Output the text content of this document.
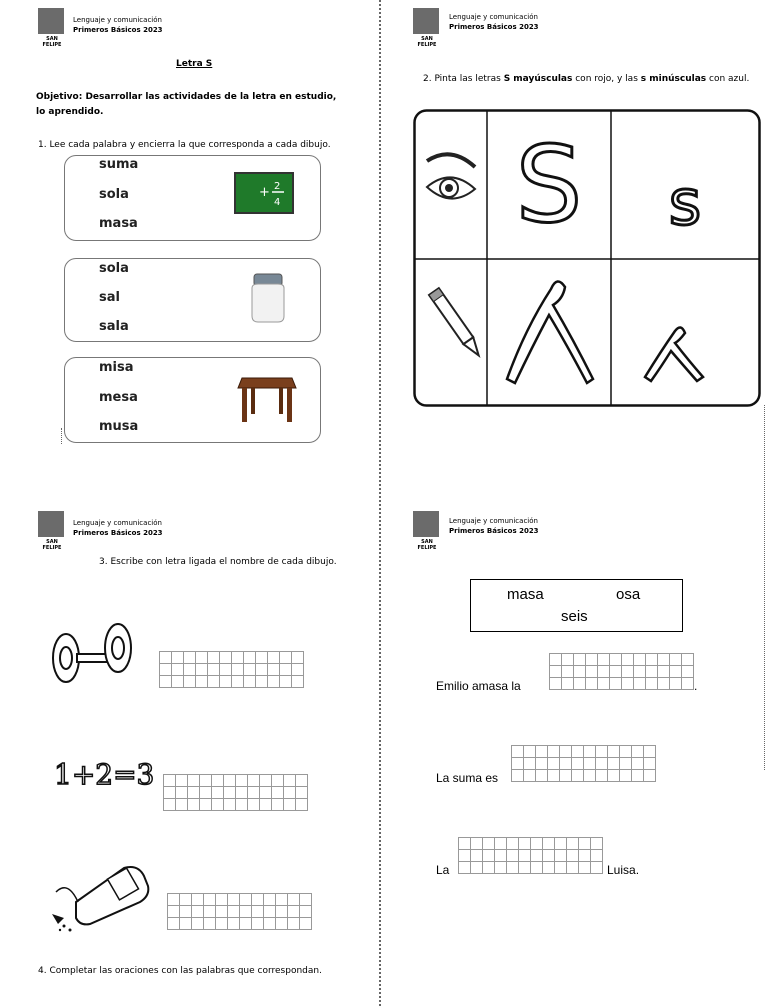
SAN FELIPE
Lenguaje y comunicación
Primeros Básicos 2023
SAN FELIPE
Lenguaje y comunicación
Primeros Básicos 2023
SAN FELIPE
Lenguaje y comunicación
Primeros Básicos 2023
SAN FELIPE
Lenguaje y comunicación
Primeros Básicos 2023
Letra S
Objetivo: Desarrollar las actividades de la letra en estudio, lo aprendido.
1. Lee cada palabra y encierra la que corresponda a cada dibujo.
suma
sola
masa
+ 2
4
sola
sal
sala
misa
mesa
musa
2. Pinta las letras S mayúsculas con rojo, y las s minúsculas con azul.
S s
3. Escribe con letra ligada el nombre de cada dibujo.
1+2=3
4. Completar las oraciones con las palabras que correspondan.
masa	osa
seis
Emilio amasa la	.
La suma es
La	Luisa.
